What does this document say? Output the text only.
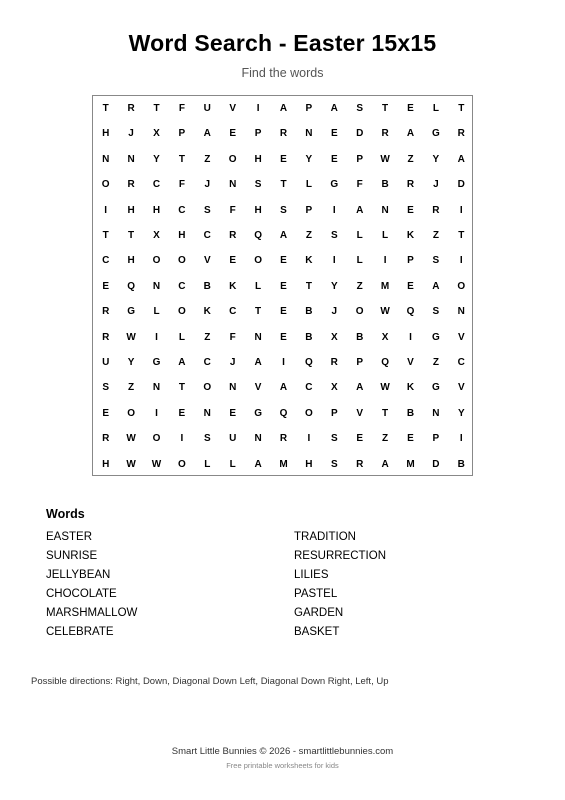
Word Search - Easter 15x15
Find the words
T	R	T	F	U	V	I	A	P	A	S	T	E	L	T
H	J	X	P	A	E	P	R	N	E	D	R	A	G	R
N	N	Y	T	Z	O	H	E	Y	E	P	W	Z	Y	A
O	R	C	F	J	N	S	T	L	G	F	B	R	J	D
I	H	H	C	S	F	H	S	P	I	A	N	E	R	I
T	T	X	H	C	R	Q	A	Z	S	L	L	K	Z	T
C	H	O	O	V	E	O	E	K	I	L	I	P	S	I
E	Q	N	C	B	K	L	E	T	Y	Z	M	E	A	O
R	G	L	O	K	C	T	E	B	J	O	W	Q	S	N
R	W	I	L	Z	F	N	E	B	X	B	X	I	G	V
U	Y	G	A	C	J	A	I	Q	R	P	Q	V	Z	C
S	Z	N	T	O	N	V	A	C	X	A	W	K	G	V
E	O	I	E	N	E	G	Q	O	P	V	T	B	N	Y
R	W	O	I	S	U	N	R	I	S	E	Z	E	P	I
H	W	W	O	L	L	A	M	H	S	R	A	M	D	B
Words
EASTER
SUNRISE
JELLYBEAN
CHOCOLATE
MARSHMALLOW
CELEBRATE
TRADITION
RESURRECTION
LILIES
PASTEL
GARDEN
BASKET
Possible directions: Right, Down, Diagonal Down Left, Diagonal Down Right, Left, Up
Smart Little Bunnies © 2026 - smartlittlebunnies.com
Free printable worksheets for kids
